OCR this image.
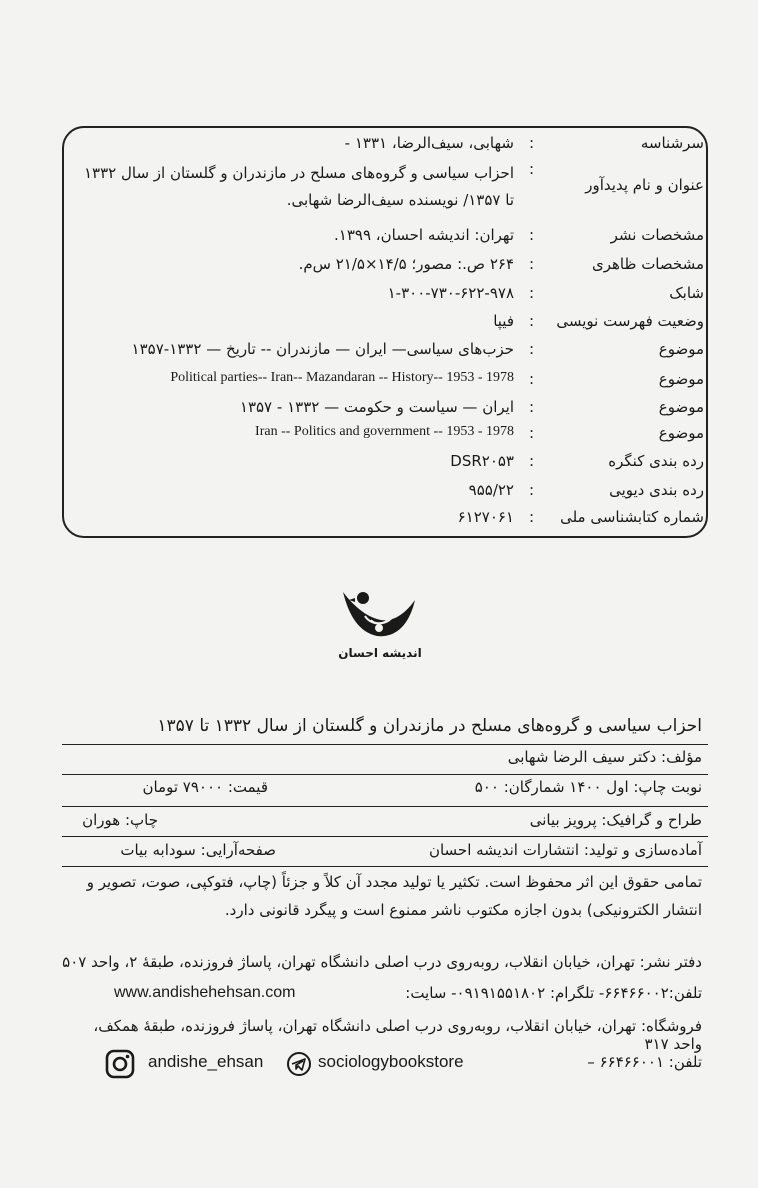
سرشناسه
:
شهابی، سیف‌الرضا، ۱۳۳۱ -
عنوان و نام پدیدآور
:
احزاب سیاسی و گروه‌های مسلح در مازندران و گلستان از سال ۱۳۳۲ تا ۱۳۵۷/ نویسنده سیف‌الرضا شهابی.
مشخصات نشر
:
تهران: اندیشه احسان، ۱۳۹۹.
مشخصات ظاهری
:
۲۶۴ ص.: مصور؛ ۱۴/۵×۲۱/۵ س‌م.
شابک
:
۱-۳۰۰-۷۳۰-۶۲۲-۹۷۸
وضعیت فهرست نویسی
:
فیپا
موضوع
:
حزب‌های سیاسی— ایران — مازندران -- تاریخ — ۱۳۳۲-۱۳۵۷
موضوع
:
Political parties-- Iran-- Mazandaran -- History-- 1953 - 1978
موضوع
:
ایران — سیاست و حکومت — ۱۳۳۲ - ۱۳۵۷
موضوع
:
Iran -- Politics and government -- 1953 - 1978
رده بندی کنگره
:
DSR۲۰۵۳
رده بندی دیویی
:
۹۵۵/۲۲
شماره کتابشناسی ملی
:
۶۱۲۷۰۶۱
اندیشه احسان
احزاب سیاسی و گروه‌های مسلح در مازندران و گلستان از سال ۱۳۳۲ تا ۱۳۵۷
مؤلف: دکتر سیف الرضا شهابی
نوبت چاپ: اول ۱۴۰۰ شمارگان: ۵۰۰
قیمت: ۷۹۰۰۰ تومان
طراح و گرافیک: پرویز بیانی
چاپ: هوران
آماده‌سازی و تولید: انتشارات اندیشه احسان
صفحه‌آرایی: سودابه بیات
تمامی حقوق این اثر محفوظ است. تکثیر یا تولید مجدد آن کلاً و جزئاً (چاپ، فتوکپی، صوت، تصویر و انتشار الکترونیکی) بدون اجازه مکتوب ناشر ممنوع است و پیگرد قانونی دارد.
دفتر نشر: تهران، خیابان انقلاب، روبه‌روی درب اصلی دانشگاه تهران، پاساژ فروزنده، طبقهٔ ۲، واحد ۵۰۷
تلفن:۶۶۴۶۶۰۰۲- تلگرام: ۰۹۱۹۱۵۵۱۸۰۲- سایت:
www.andishehehsan.com
فروشگاه: تهران، خیابان انقلاب، روبه‌روی درب اصلی دانشگاه تهران، پاساژ فروزنده، طبقهٔ همکف، واحد ۳۱۷
تلفن: ۶۶۴۶۶۰۰۱ –
sociologybookstore
andishe_ehsan
